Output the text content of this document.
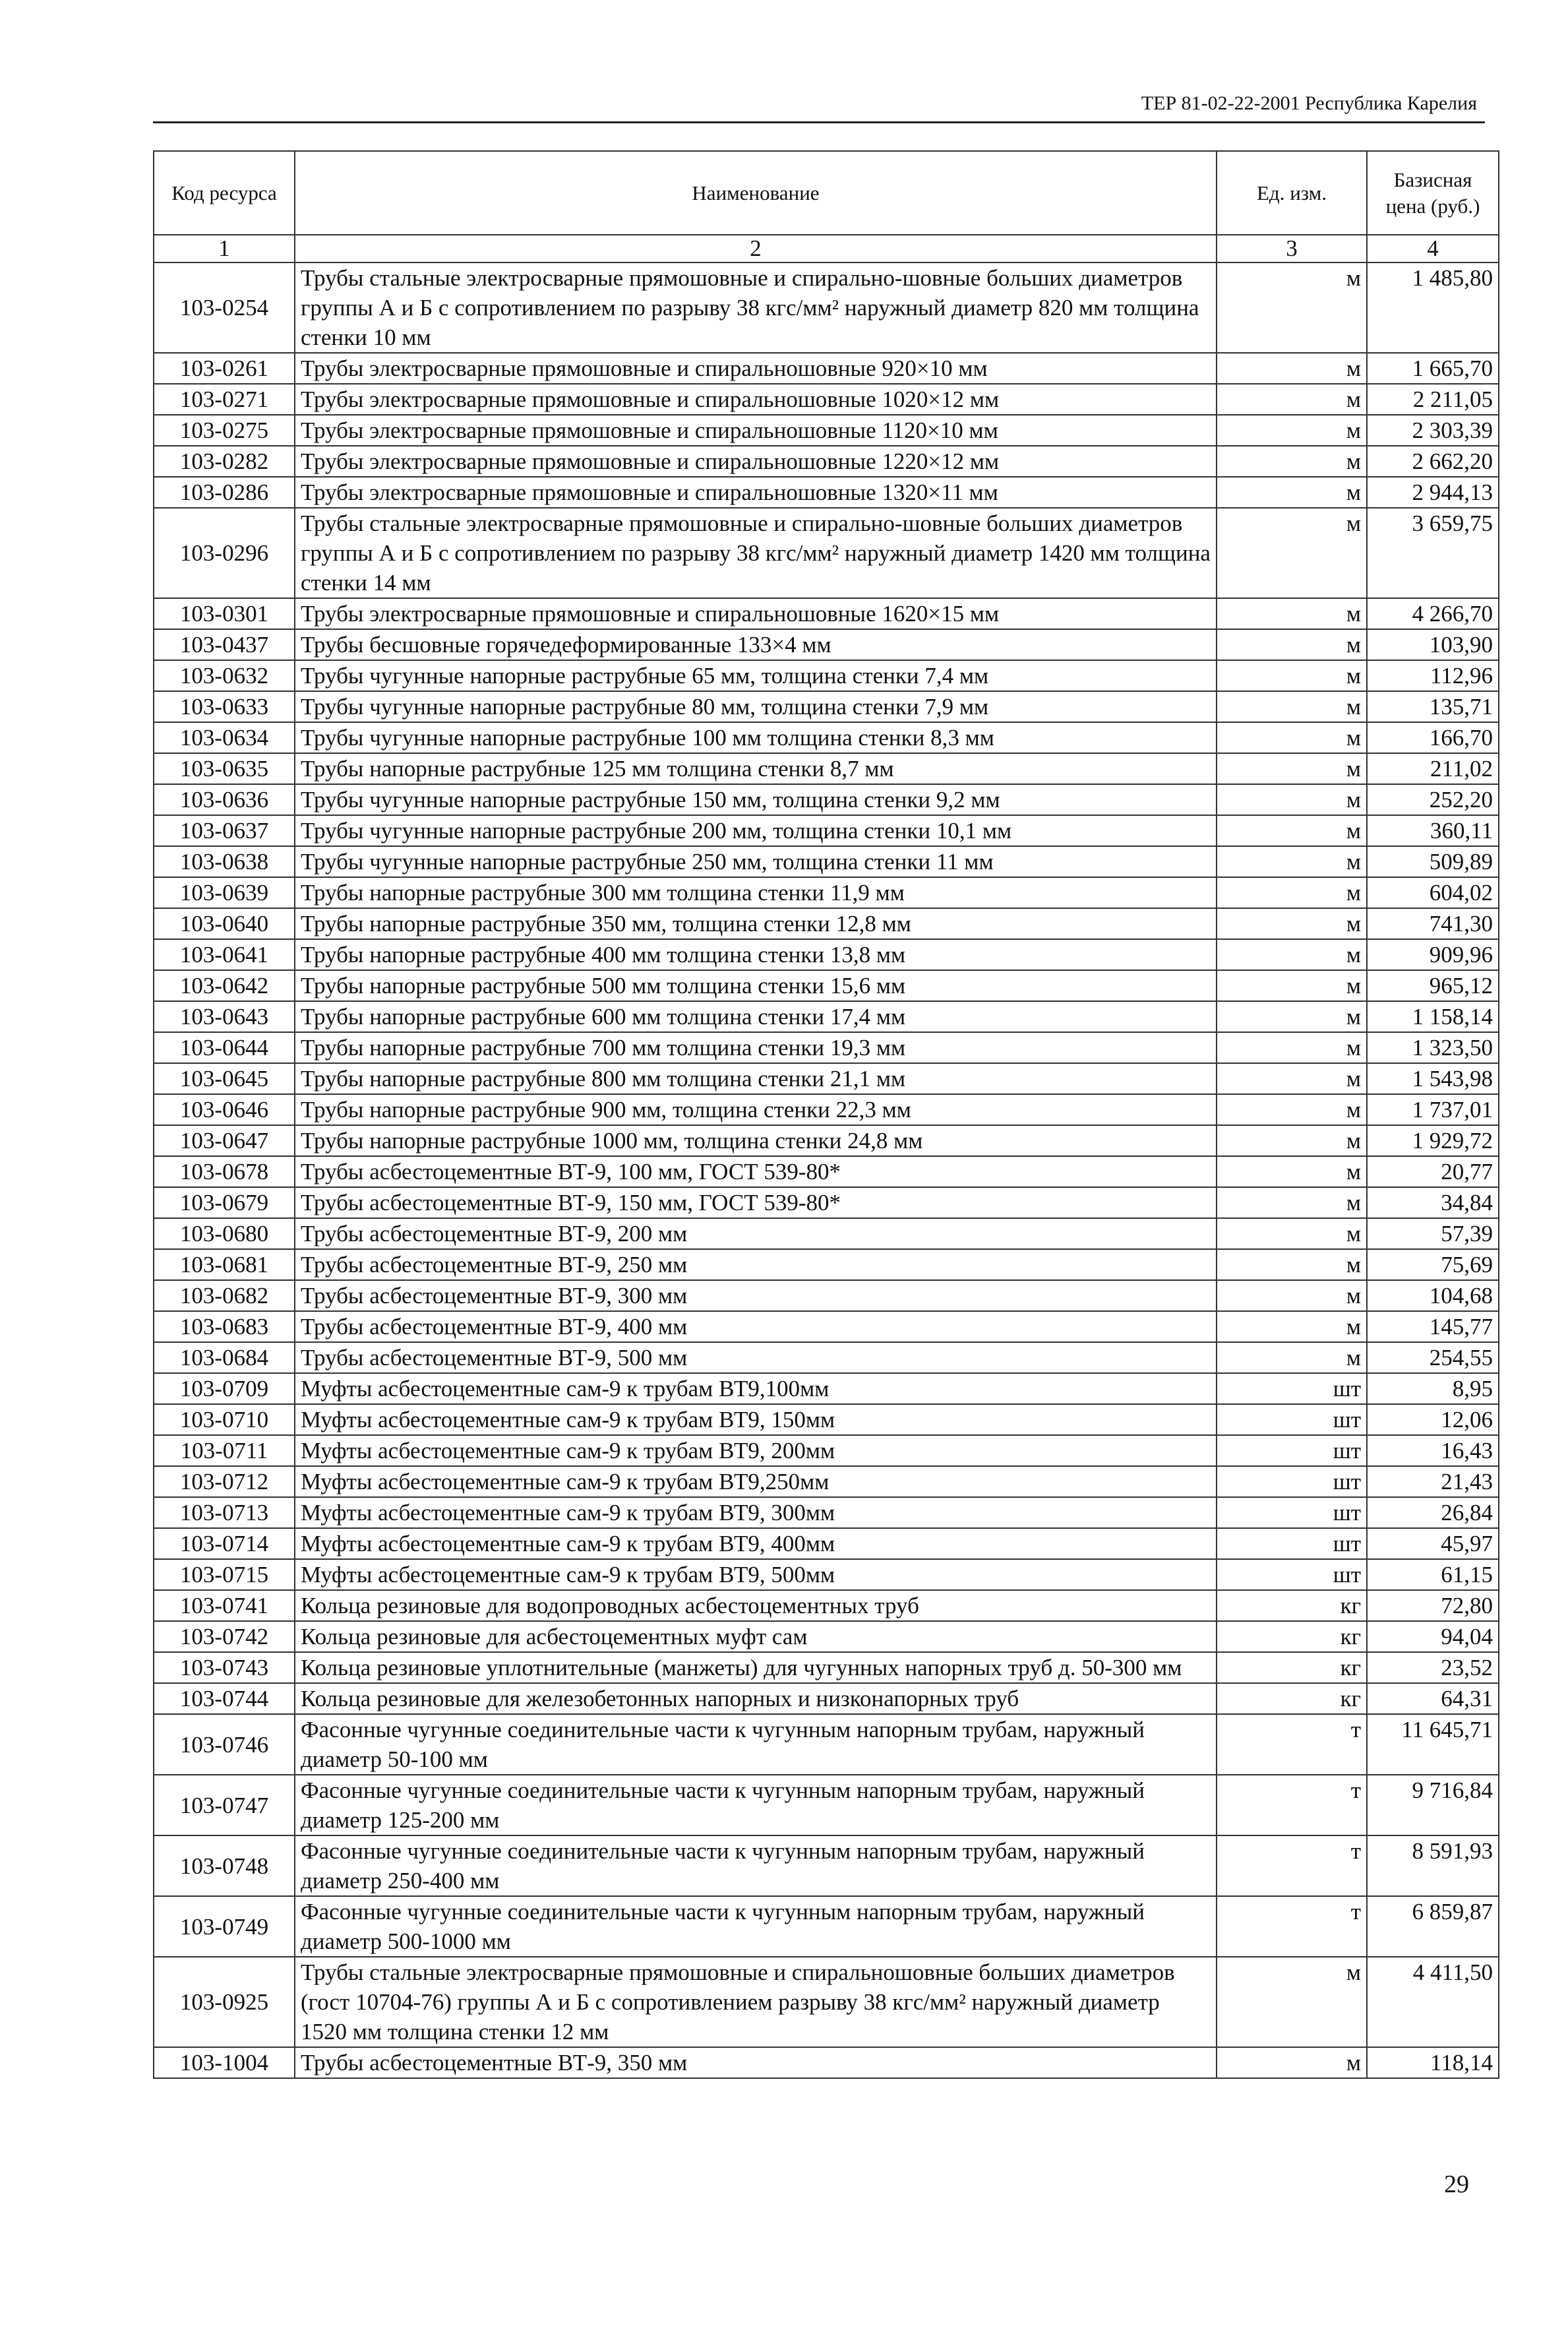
ТЕР 81-02-22-2001 Республика Карелия
Код ресурса	Наименование	Ед. изм.	Базисная цена (руб.)
1	2	3	4
103-0254	Трубы стальные электросварные прямошовные и спирально-шовные больших диаметров группы А и Б с сопротивлением по разрыву 38 кгс/мм² наружный диаметр 820 мм толщина стенки 10 мм	м	1 485,80
103-0261	Трубы электросварные прямошовные и спиральношовные 920×10 мм	м	1 665,70
103-0271	Трубы электросварные прямошовные и спиральношовные 1020×12 мм	м	2 211,05
103-0275	Трубы электросварные прямошовные и спиральношовные 1120×10 мм	м	2 303,39
103-0282	Трубы электросварные прямошовные и спиральношовные 1220×12 мм	м	2 662,20
103-0286	Трубы электросварные прямошовные и спиральношовные 1320×11 мм	м	2 944,13
103-0296	Трубы стальные электросварные прямошовные и спирально-шовные больших диаметров группы А и Б с сопротивлением по разрыву 38 кгс/мм² наружный диаметр 1420 мм толщина стенки 14 мм	м	3 659,75
103-0301	Трубы электросварные прямошовные и спиральношовные 1620×15 мм	м	4 266,70
103-0437	Трубы бесшовные горячедеформированные 133×4 мм	м	103,90
103-0632	Трубы чугунные напорные раструбные 65 мм, толщина стенки 7,4 мм	м	112,96
103-0633	Трубы чугунные напорные раструбные 80 мм, толщина стенки 7,9 мм	м	135,71
103-0634	Трубы чугунные напорные раструбные 100 мм толщина стенки 8,3 мм	м	166,70
103-0635	Трубы напорные раструбные 125 мм толщина стенки 8,7 мм	м	211,02
103-0636	Трубы чугунные напорные раструбные 150 мм, толщина стенки 9,2 мм	м	252,20
103-0637	Трубы чугунные напорные раструбные 200 мм, толщина стенки 10,1 мм	м	360,11
103-0638	Трубы чугунные напорные раструбные 250 мм, толщина стенки 11 мм	м	509,89
103-0639	Трубы напорные раструбные 300 мм толщина стенки 11,9 мм	м	604,02
103-0640	Трубы напорные раструбные 350 мм, толщина стенки 12,8 мм	м	741,30
103-0641	Трубы напорные раструбные 400 мм толщина стенки 13,8 мм	м	909,96
103-0642	Трубы напорные раструбные 500 мм толщина стенки 15,6 мм	м	965,12
103-0643	Трубы напорные раструбные 600 мм толщина стенки 17,4 мм	м	1 158,14
103-0644	Трубы напорные раструбные 700 мм толщина стенки 19,3 мм	м	1 323,50
103-0645	Трубы напорные раструбные 800 мм толщина стенки 21,1 мм	м	1 543,98
103-0646	Трубы напорные раструбные 900 мм, толщина стенки 22,3 мм	м	1 737,01
103-0647	Трубы напорные раструбные 1000 мм, толщина стенки 24,8 мм	м	1 929,72
103-0678	Трубы асбестоцементные ВТ-9, 100 мм, ГОСТ 539-80*	м	20,77
103-0679	Трубы асбестоцементные ВТ-9, 150 мм, ГОСТ 539-80*	м	34,84
103-0680	Трубы асбестоцементные ВТ-9, 200 мм	м	57,39
103-0681	Трубы асбестоцементные ВТ-9, 250 мм	м	75,69
103-0682	Трубы асбестоцементные ВТ-9, 300 мм	м	104,68
103-0683	Трубы асбестоцементные ВТ-9, 400 мм	м	145,77
103-0684	Трубы асбестоцементные ВТ-9, 500 мм	м	254,55
103-0709	Муфты асбестоцементные сам-9 к трубам ВТ9,100мм	шт	8,95
103-0710	Муфты асбестоцементные сам-9 к трубам ВТ9, 150мм	шт	12,06
103-0711	Муфты асбестоцементные сам-9 к трубам ВТ9, 200мм	шт	16,43
103-0712	Муфты асбестоцементные сам-9 к трубам ВТ9,250мм	шт	21,43
103-0713	Муфты асбестоцементные сам-9 к трубам ВТ9, 300мм	шт	26,84
103-0714	Муфты асбестоцементные сам-9 к трубам ВТ9, 400мм	шт	45,97
103-0715	Муфты асбестоцементные сам-9 к трубам ВТ9, 500мм	шт	61,15
103-0741	Кольца резиновые для водопроводных асбестоцементных труб	кг	72,80
103-0742	Кольца резиновые для асбестоцементных муфт сам	кг	94,04
103-0743	Кольца резиновые уплотнительные (манжеты) для чугунных напорных труб д. 50-300 мм	кг	23,52
103-0744	Кольца резиновые для железобетонных напорных и низконапорных труб	кг	64,31
103-0746	Фасонные чугунные соединительные части к чугунным напорным трубам, наружный диаметр 50-100 мм	т	11 645,71
103-0747	Фасонные чугунные соединительные части к чугунным напорным трубам, наружный диаметр 125-200 мм	т	9 716,84
103-0748	Фасонные чугунные соединительные части к чугунным напорным трубам, наружный диаметр 250-400 мм	т	8 591,93
103-0749	Фасонные чугунные соединительные части к чугунным напорным трубам, наружный диаметр 500-1000 мм	т	6 859,87
103-0925	Трубы стальные электросварные прямошовные и спиральношовные больших диаметров (гост 10704-76) группы А и Б с сопротивлением разрыву 38 кгс/мм² наружный диаметр 1520 мм толщина стенки 12 мм	м	4 411,50
103-1004	Трубы асбестоцементные ВТ-9, 350 мм	м	118,14
29
